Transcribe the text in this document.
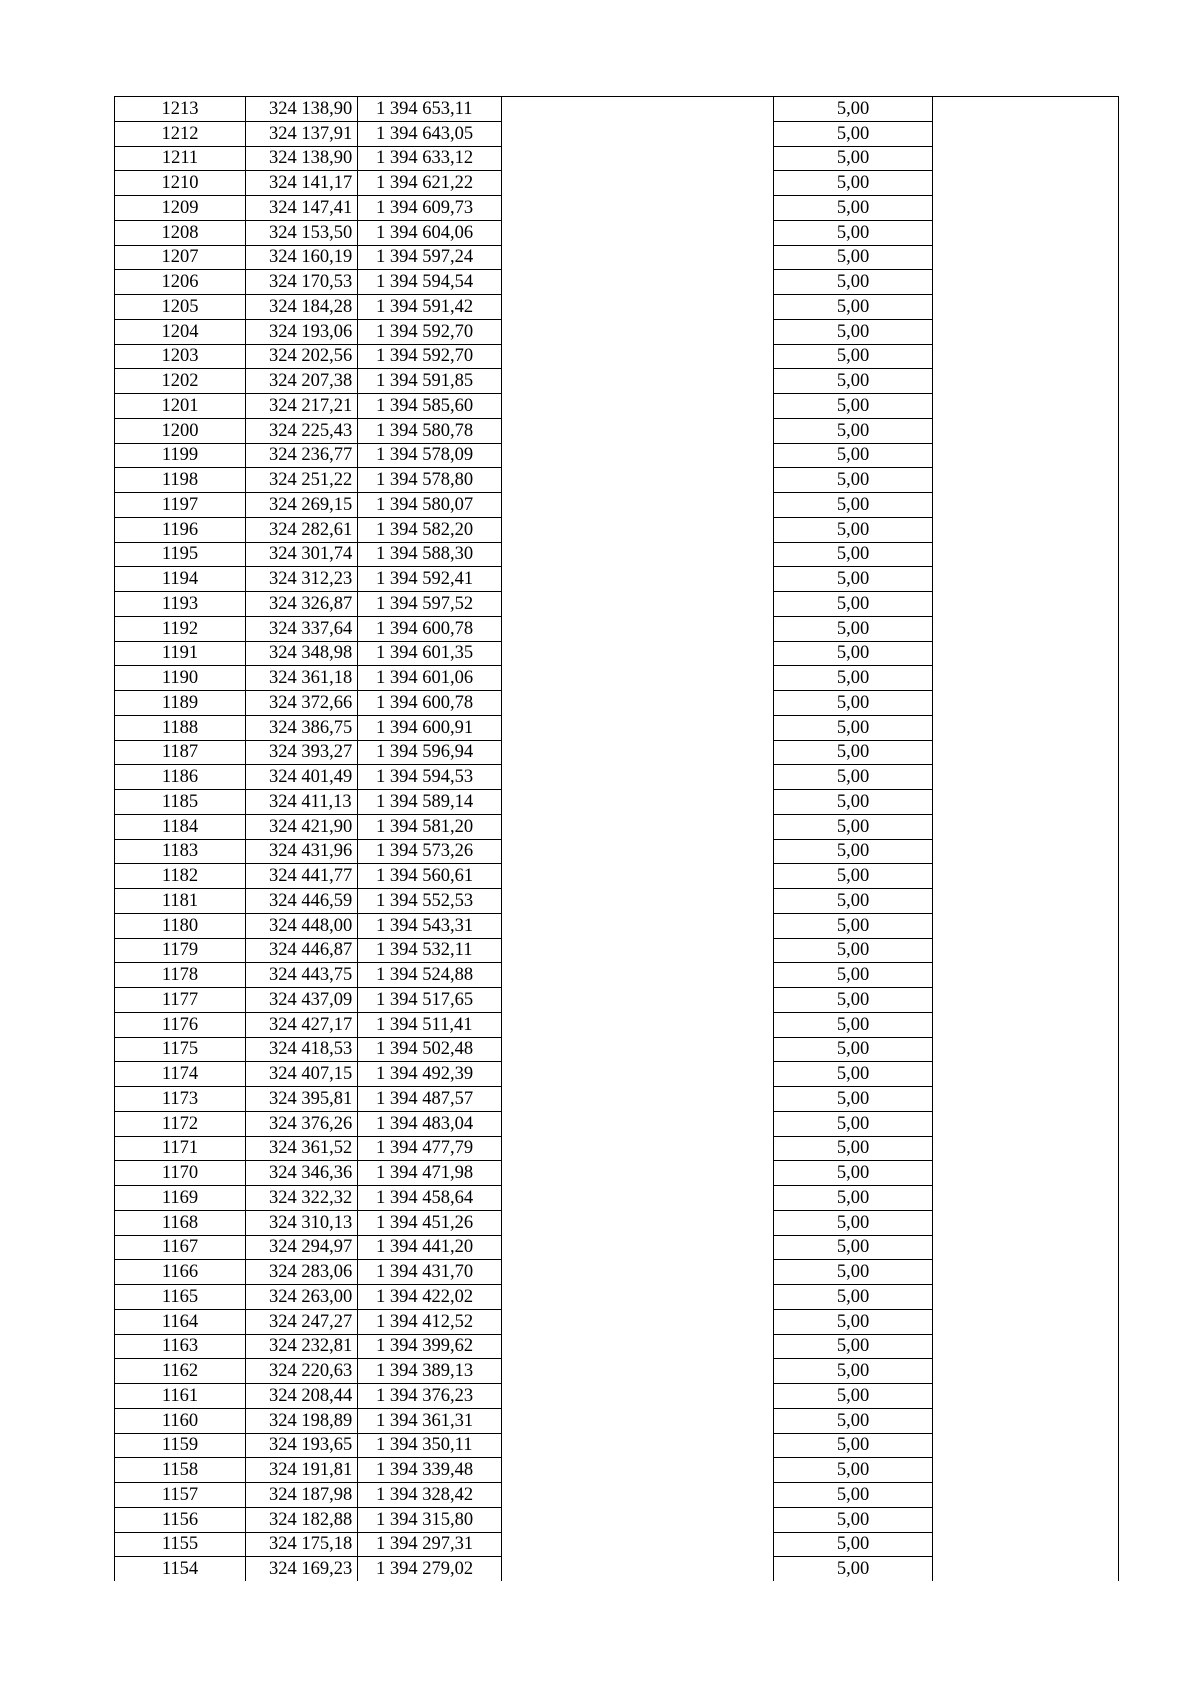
1213	324 138,90	1 394 653,11		5,00	
1212	324 137,91	1 394 643,05		5,00	
1211	324 138,90	1 394 633,12		5,00	
1210	324 141,17	1 394 621,22		5,00	
1209	324 147,41	1 394 609,73		5,00	
1208	324 153,50	1 394 604,06		5,00	
1207	324 160,19	1 394 597,24		5,00	
1206	324 170,53	1 394 594,54		5,00	
1205	324 184,28	1 394 591,42		5,00	
1204	324 193,06	1 394 592,70		5,00	
1203	324 202,56	1 394 592,70		5,00	
1202	324 207,38	1 394 591,85		5,00	
1201	324 217,21	1 394 585,60		5,00	
1200	324 225,43	1 394 580,78		5,00	
1199	324 236,77	1 394 578,09		5,00	
1198	324 251,22	1 394 578,80		5,00	
1197	324 269,15	1 394 580,07		5,00	
1196	324 282,61	1 394 582,20		5,00	
1195	324 301,74	1 394 588,30		5,00	
1194	324 312,23	1 394 592,41		5,00	
1193	324 326,87	1 394 597,52		5,00	
1192	324 337,64	1 394 600,78		5,00	
1191	324 348,98	1 394 601,35		5,00	
1190	324 361,18	1 394 601,06		5,00	
1189	324 372,66	1 394 600,78		5,00	
1188	324 386,75	1 394 600,91		5,00	
1187	324 393,27	1 394 596,94		5,00	
1186	324 401,49	1 394 594,53		5,00	
1185	324 411,13	1 394 589,14		5,00	
1184	324 421,90	1 394 581,20		5,00	
1183	324 431,96	1 394 573,26		5,00	
1182	324 441,77	1 394 560,61		5,00	
1181	324 446,59	1 394 552,53		5,00	
1180	324 448,00	1 394 543,31		5,00	
1179	324 446,87	1 394 532,11		5,00	
1178	324 443,75	1 394 524,88		5,00	
1177	324 437,09	1 394 517,65		5,00	
1176	324 427,17	1 394 511,41		5,00	
1175	324 418,53	1 394 502,48		5,00	
1174	324 407,15	1 394 492,39		5,00	
1173	324 395,81	1 394 487,57		5,00	
1172	324 376,26	1 394 483,04		5,00	
1171	324 361,52	1 394 477,79		5,00	
1170	324 346,36	1 394 471,98		5,00	
1169	324 322,32	1 394 458,64		5,00	
1168	324 310,13	1 394 451,26		5,00	
1167	324 294,97	1 394 441,20		5,00	
1166	324 283,06	1 394 431,70		5,00	
1165	324 263,00	1 394 422,02		5,00	
1164	324 247,27	1 394 412,52		5,00	
1163	324 232,81	1 394 399,62		5,00	
1162	324 220,63	1 394 389,13		5,00	
1161	324 208,44	1 394 376,23		5,00	
1160	324 198,89	1 394 361,31		5,00	
1159	324 193,65	1 394 350,11		5,00	
1158	324 191,81	1 394 339,48		5,00	
1157	324 187,98	1 394 328,42		5,00	
1156	324 182,88	1 394 315,80		5,00	
1155	324 175,18	1 394 297,31		5,00	
1154	324 169,23	1 394 279,02		5,00	
